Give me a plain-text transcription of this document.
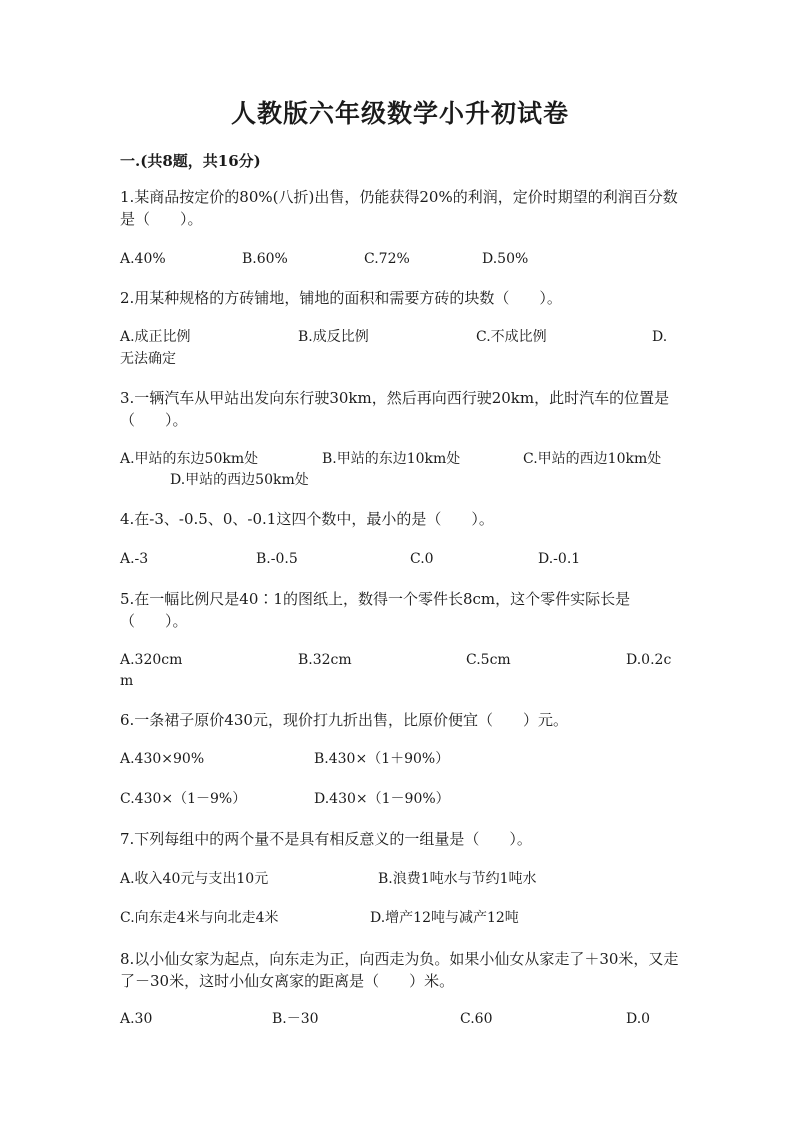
人教版六年级数学小升初试卷
一.(共8题，共16分)
1.某商品按定价的80%(八折)出售，仍能获得20%的利润，定价时期望的利润百分数是（　　）。
A.40%	B.60%	C.72%	D.50%
2.用某种规格的方砖铺地，铺地的面积和需要方砖的块数（　　）。
A.成正比例	B.成反比例	C.不成比例	D.
无法确定
3.一辆汽车从甲站出发向东行驶30km，然后再向西行驶20km，此时汽车的位置是（　　）。
A.甲站的东边50km处	B.甲站的东边10km处	C.甲站的西边10km处
D.甲站的西边50km处
4.在-3、-0.5、0、-0.1这四个数中，最小的是（　　）。
A.-3	B.-0.5	C.0	D.-0.1
5.在一幅比例尺是40∶1的图纸上，数得一个零件长8cm，这个零件实际长是（　　）。
A.320cm	B.32cm	C.5cm	D.0.2c
m
6.一条裙子原价430元，现价打九折出售，比原价便宜（　　）元。
A.430×90%	B.430×（1＋90%）
C.430×（1－9%）	D.430×（1－90%）
7.下列每组中的两个量不是具有相反意义的一组量是（　　）。
A.收入40元与支出10元	B.浪费1吨水与节约1吨水
C.向东走4米与向北走4米	D.增产12吨与减产12吨
8.以小仙女家为起点，向东走为正，向西走为负。如果小仙女从家走了＋30米，又走了－30米，这时小仙女离家的距离是（　　）米。
A.30	B.－30	C.60	D.0
